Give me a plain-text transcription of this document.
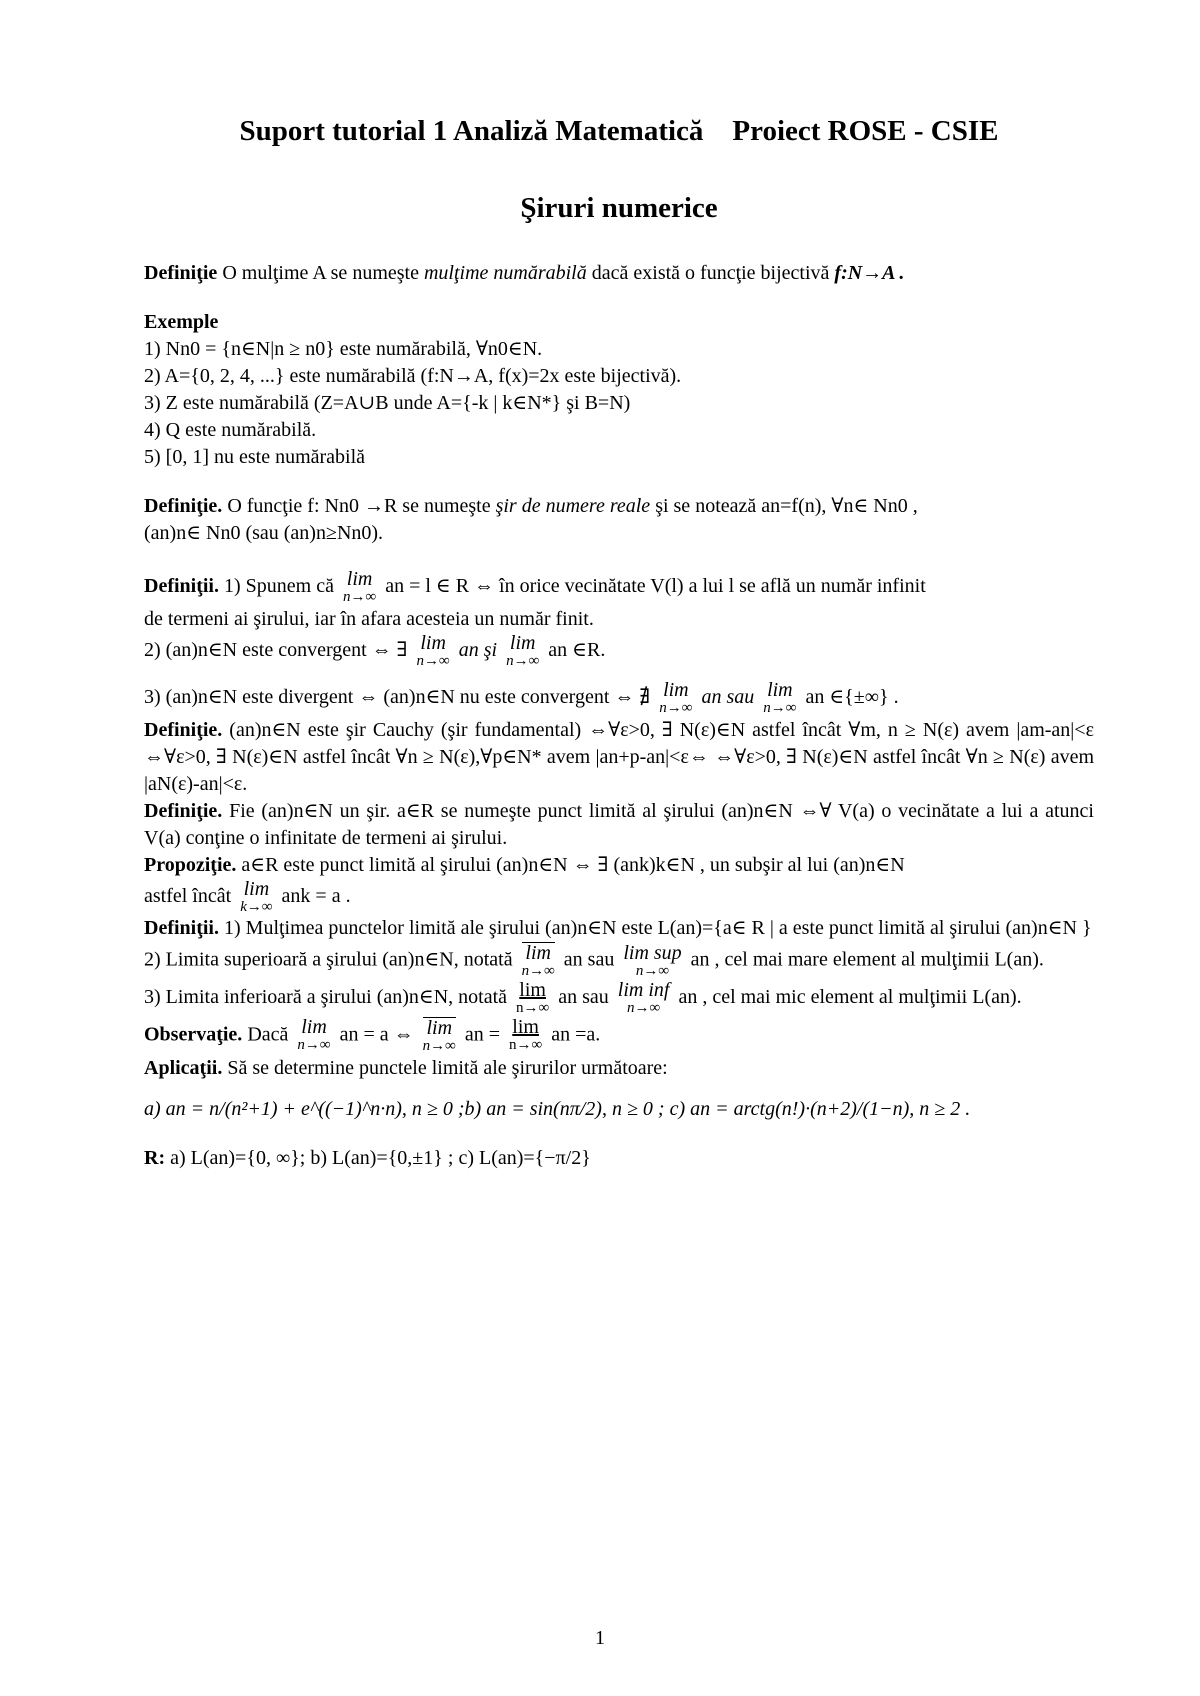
Suport tutorial 1 Analiză Matematică    Proiect ROSE - CSIE

Şiruri numerice

Definiţie O mulţime A se numeşte mulţime numărabilă dacă există o funcţie bijectivă f:N→A .

Exemple

1) Nn0 = {n∈N|n ≥ n0} este numărabilă, ∀n0∈N.

2) A={0, 2, 4, ...} este numărabilă (f:N→A, f(x)=2x este bijectivă).

3) Z este numărabilă (Z=A∪B unde A={-k | k∈N*} şi B=N)

4) Q este numărabilă.

5) [0, 1] nu este numărabilă

Definiţie. O funcţie f: Nn0 →R se numeşte şir de numere reale şi se notează an=f(n), ∀n∈ Nn0 ,

(an)n∈ Nn0 (sau (an)n≥Nn0).

Definiţii. 1) Spunem că lim
n→∞
an = l ∈ R ⇔ în orice vecinătate V(l) a lui l se află un număr infinit

de termeni ai şirului, iar în afara acesteia un număr finit.

2) (an)n∈N este convergent ⇔ ∃ lim
n→∞
an şi lim
n→∞
an ∈R.

3) (an)n∈N este divergent ⇔ (an)n∈N nu este convergent ⇔ ∄ lim
n→∞
an sau lim
n→∞
an ∈{±∞} .

Definiţie. (an)n∈N este şir Cauchy (şir fundamental) ⇔∀ε>0, ∃ N(ε)∈N astfel încât ∀m, n ≥ N(ε) avem |am-an|<ε ⇔∀ε>0, ∃ N(ε)∈N astfel încât ∀n ≥ N(ε),∀p∈N* avem |an+p-an|<ε⇔ ⇔∀ε>0, ∃ N(ε)∈N astfel încât ∀n ≥ N(ε) avem |aN(ε)-an|<ε.

Definiţie. Fie (an)n∈N un şir. a∈R se numeşte punct limită al şirului (an)n∈N ⇔∀ V(a) o vecinătate a lui a atunci V(a) conţine o infinitate de termeni ai şirului.

Propoziţie. a∈R este punct limită al şirului (an)n∈N ⇔ ∃ (ank)k∈N , un subşir al lui (an)n∈N

astfel încât lim
k→∞
ank = a .

Definiţii. 1) Mulţimea punctelor limită ale şirului (an)n∈N este L(an)={a∈ R | a este punct limită al şirului (an)n∈N }

2) Limita superioară a şirului (an)n∈N, notată lim
n→∞
an sau lim sup
n→∞
an , cel mai mare element al mulţimii L(an).

3) Limita inferioară a şirului (an)n∈N, notată lim
n→∞
an sau lim inf
n→∞
an , cel mai mic element al mulţimii L(an).

Observaţie. Dacă lim
n→∞
an = a ⇔ lim
n→∞
an = lim
n→∞
an =a.

Aplicaţii. Să se determine punctele limită ale şirurilor următoare:

a) an = n/(n²+1) + e^((−1)^n·n), n ≥ 0 ;b) an = sin(nπ/2), n ≥ 0 ; c) an = arctg(n!)·(n+2)/(1−n), n ≥ 2 .

R: a) L(an)={0, ∞}; b) L(an)={0,±1} ; c) L(an)={−π/2}

1
